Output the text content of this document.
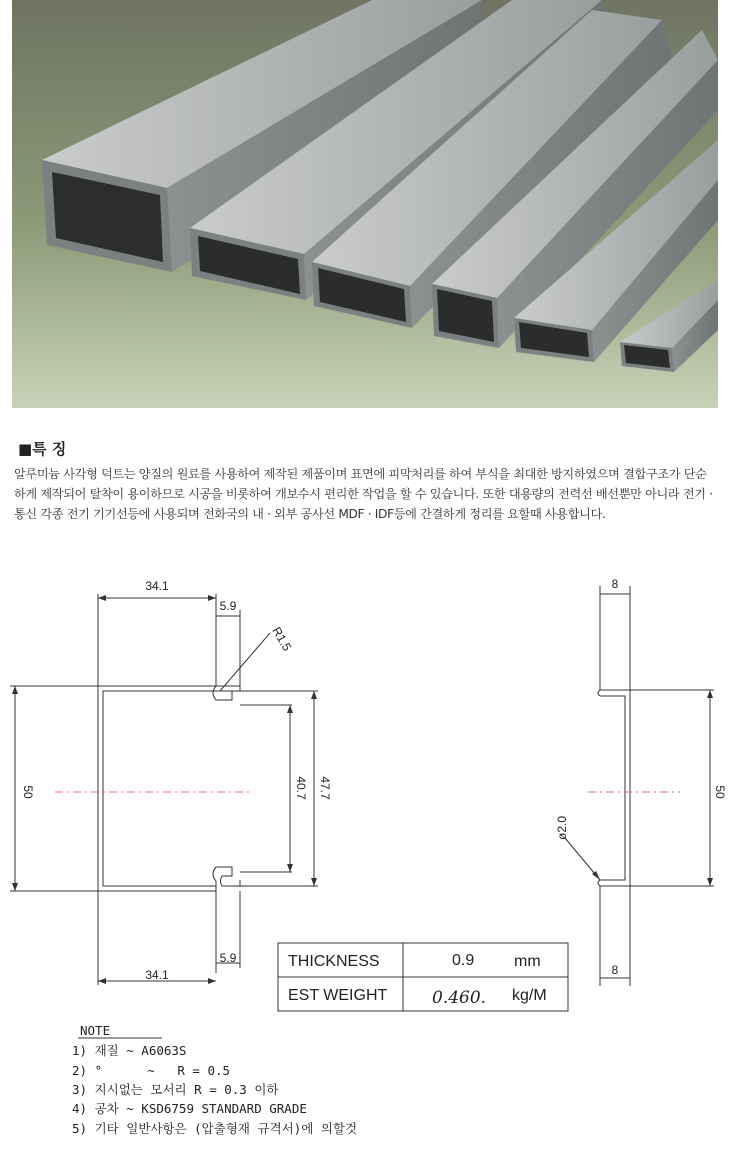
■특 징
알루미늄 사각형 덕트는 양질의 원료를 사용하여 제작된 제품이며 표면에 피막처리를 하여 부식을 최대한 방지하였으며 결합구조가 단순하게 제작되어 탈착이 용이하므로 시공을 비롯하여 개보수시 편리한 작업을 할 수 있습니다. 또한 대용량의 전력선 배선뿐만 아니라 전기 · 통신 각종 전기 기기선등에 사용되며 전화국의 내 · 외부 공사선 MDF · IDF등에 간결하게 정리를 요할때 사용합니다.
34.1
5.9
R1.5
50	40.7 47.7
5.9
34.1
8
8
50
ø2.0
THICKNESS	0.9 mm
EST WEIGHT	0.460. kg/M
NOTE
1) 재질 ~ A6063S
2) °      ~   R = 0.5
3) 지시없는 모서리 R = 0.3 이하
4) 공차 ~ KSD6759 STANDARD GRADE
5) 기타 일반사항은 (압출형재 규격서)에 의할것
